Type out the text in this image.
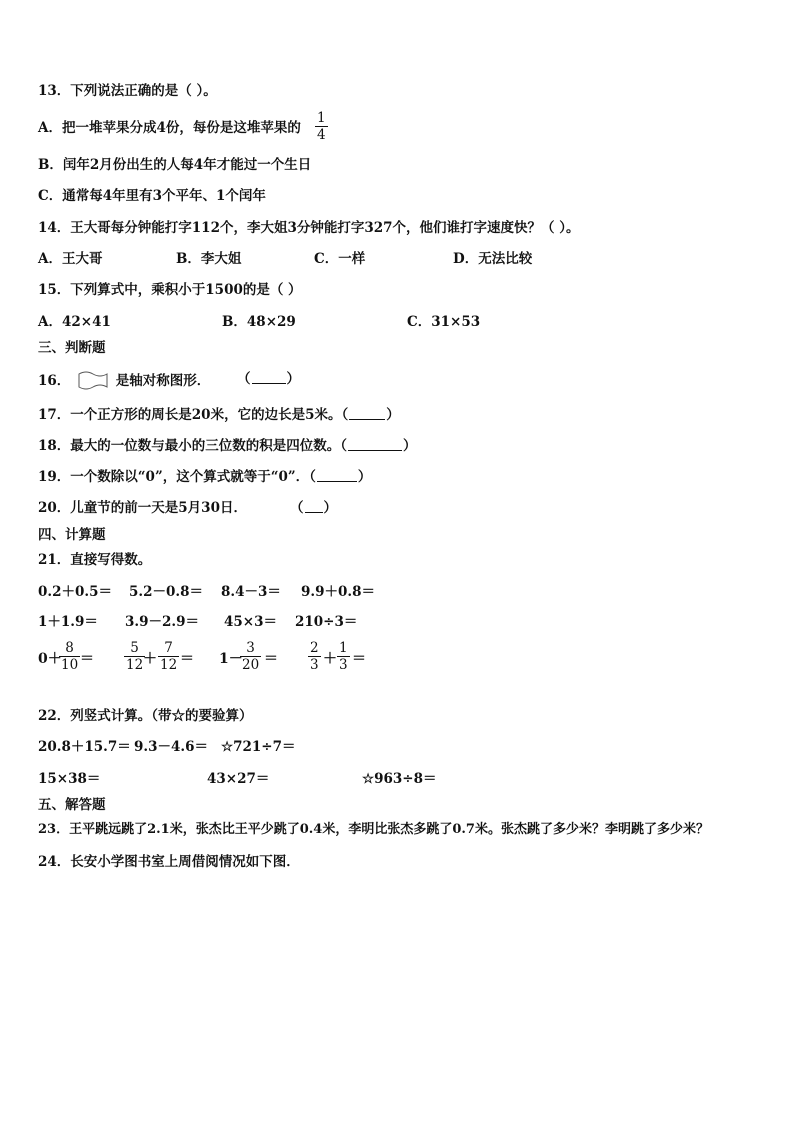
13．下列说法正确的是（ ）。
A．把一堆苹果分成4份，每份是这堆苹果的
1
4
B．闰年2月份出生的人每4年才能过一个生日
C．通常每4年里有3个平年、1个闰年
14．王大哥每分钟能打字112个，李大姐3分钟能打字327个，他们谁打字速度快？（ ）。
A．王大哥	B．李大姐	C．一样	D．无法比较
15．下列算式中，乘积小于1500的是（ ）
A．42×41	B．48×29	C．31×53
三、判断题
16．	是轴对称图形． （	）
17．一个正方形的周长是20米，它的边长是5米。（	）
18．最大的一位数与最小的三位数的积是四位数。（	）
19．一个数除以“0”，这个算式就等于“0”．（	）
20．儿童节的前一天是5月30日．	（ ）
四、计算题
21．直接写得数。
0.2＋0.5＝ 5.2－0.8＝ 8.4－3＝ 9.9＋0.8＝
1＋1.9＝ 3.9－2.9＝ 45×3＝ 210÷3＝
0＋
8
10 ＝
5
12 ＋
7
12 ＝ 1－
3
20 ＝
2
3 ＋
1
3 ＝
22．列竖式计算。（带☆的要验算）
20.8＋15.7＝ 9.3－4.6＝ ☆721÷7＝
15×38＝	43×27＝	☆963÷8＝
五、解答题
23．王平跳远跳了2.1米，张杰比王平少跳了0.4米，李明比张杰多跳了0.7米。张杰跳了多少米？李明跳了多少米？
24．长安小学图书室上周借阅情况如下图．
